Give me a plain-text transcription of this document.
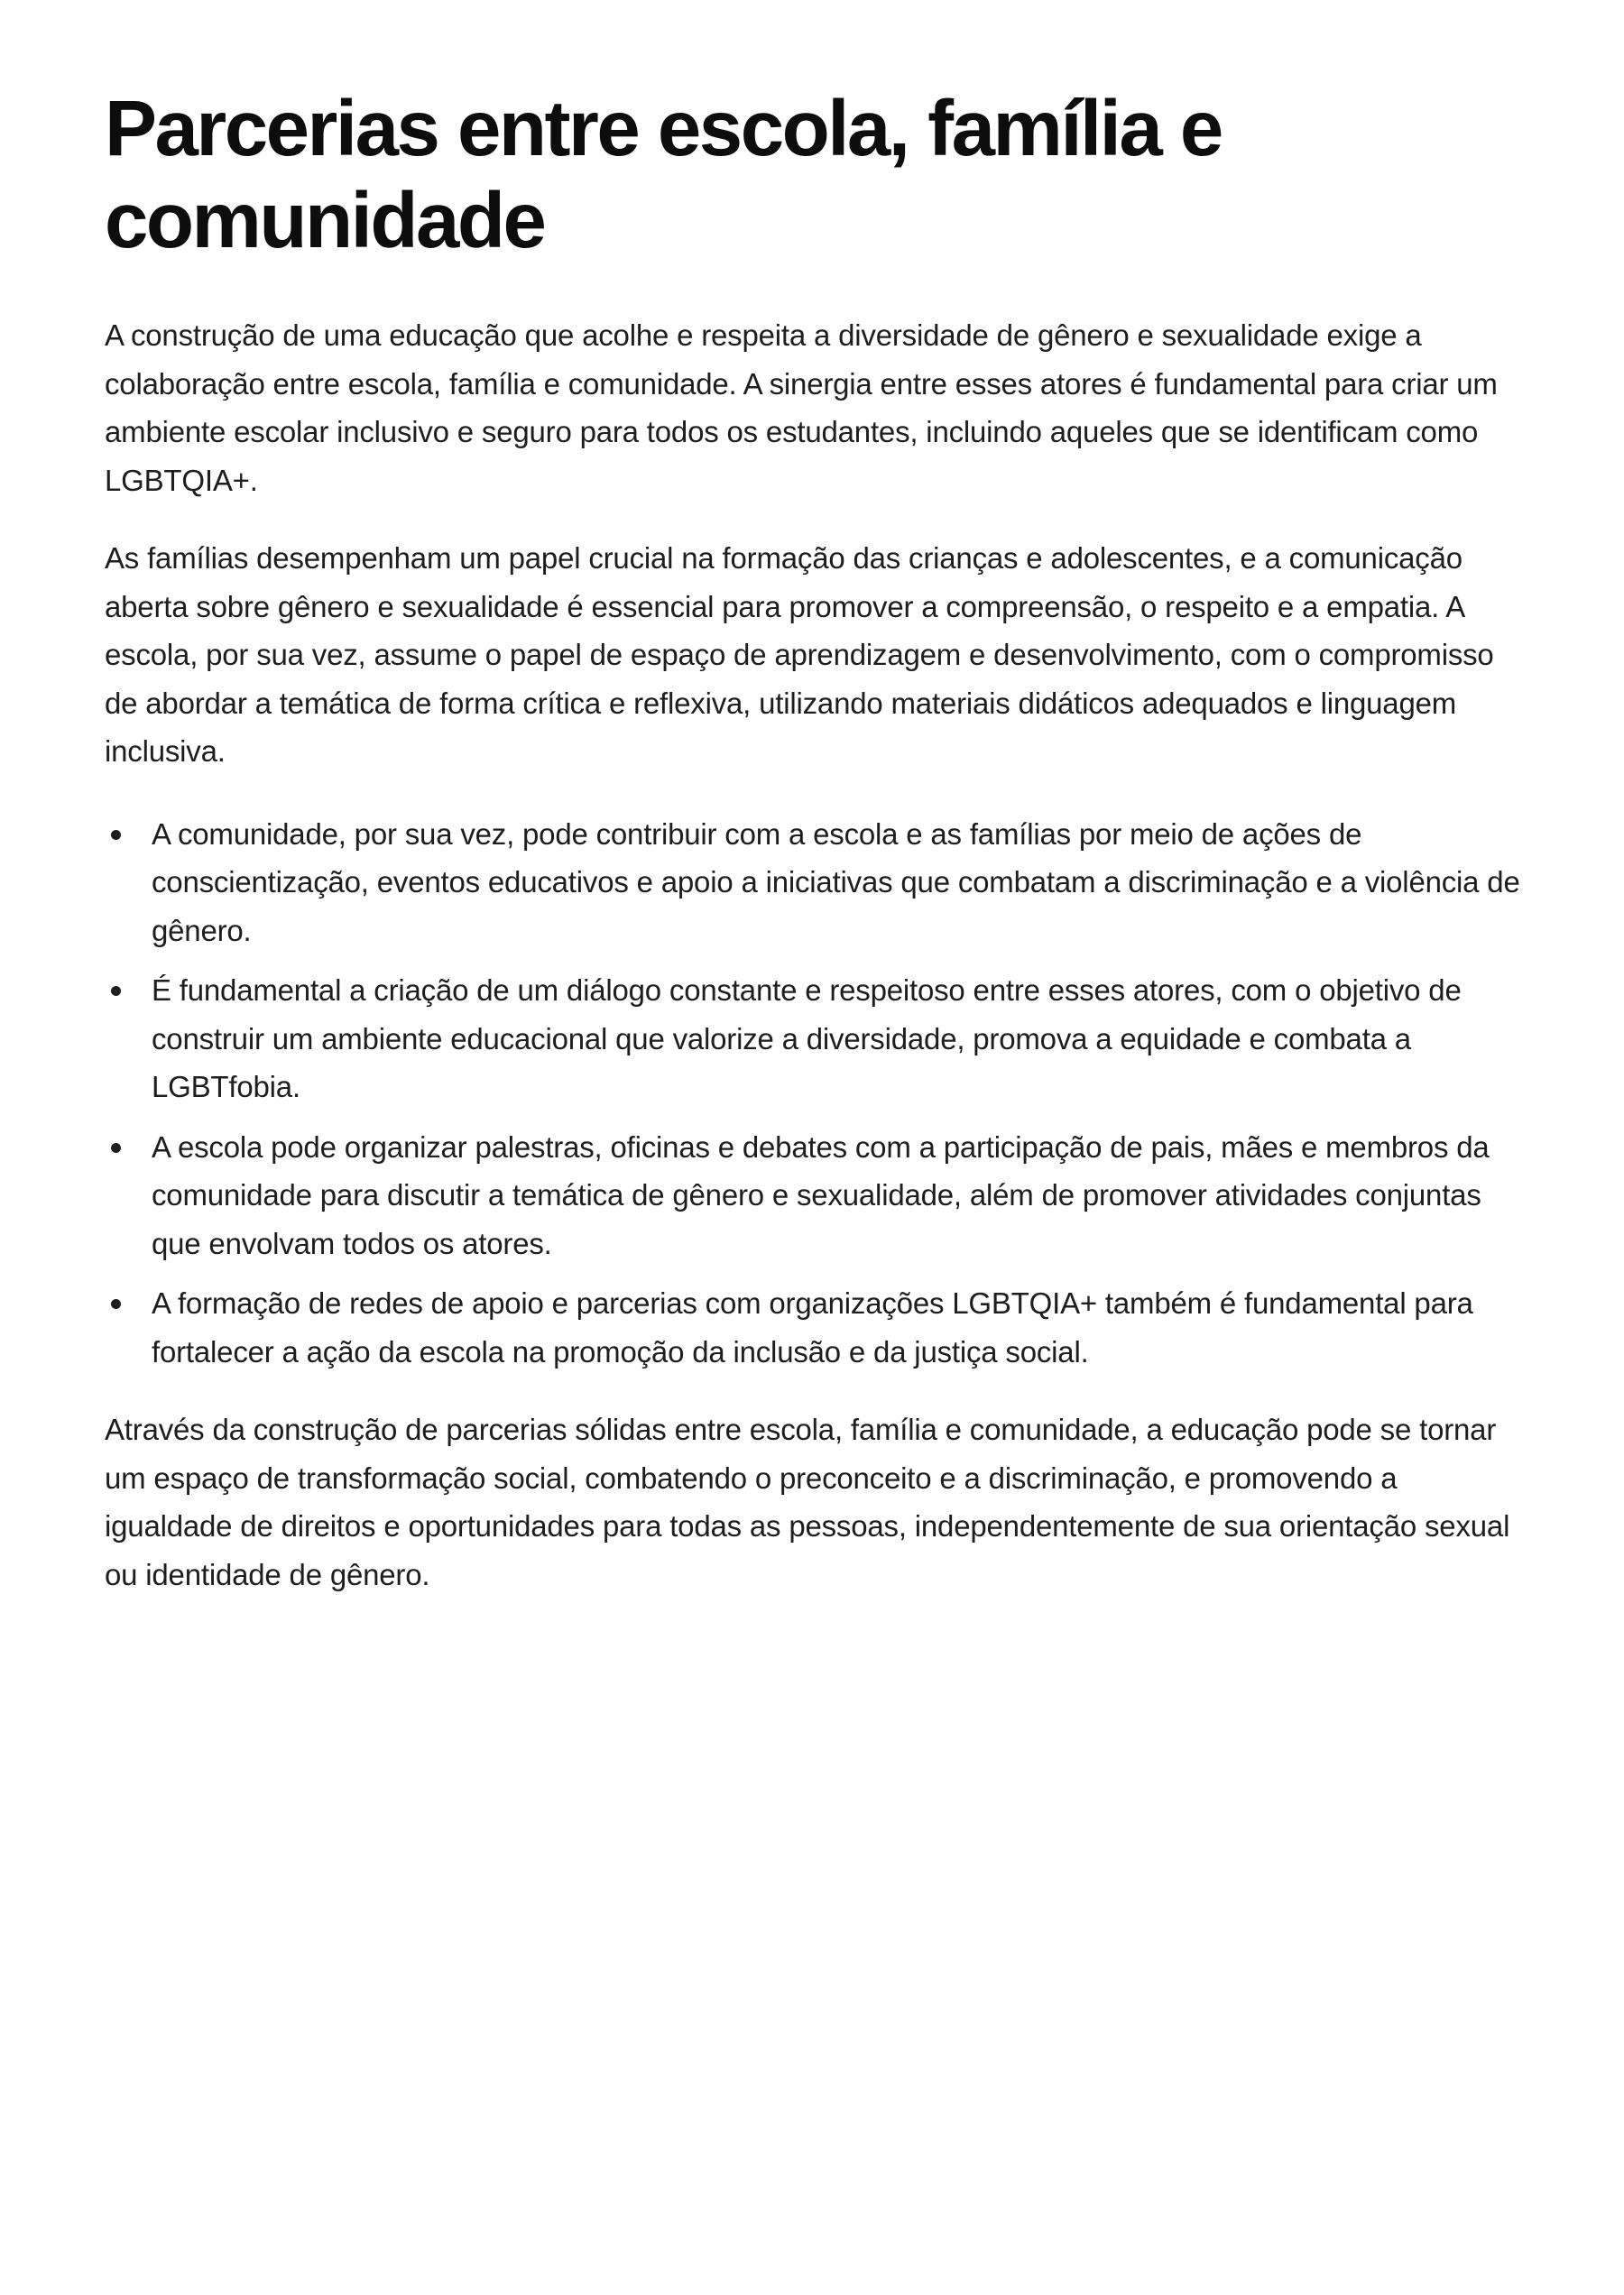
Parcerias entre escola, família e comunidade

A construção de uma educação que acolhe e respeita a diversidade de gênero e sexualidade exige a colaboração entre escola, família e comunidade. A sinergia entre esses atores é fundamental para criar um ambiente escolar inclusivo e seguro para todos os estudantes, incluindo aqueles que se identificam como LGBTQIA+.

As famílias desempenham um papel crucial na formação das crianças e adolescentes, e a comunicação aberta sobre gênero e sexualidade é essencial para promover a compreensão, o respeito e a empatia. A escola, por sua vez, assume o papel de espaço de aprendizagem e desenvolvimento, com o compromisso de abordar a temática de forma crítica e reflexiva, utilizando materiais didáticos adequados e linguagem inclusiva.

A comunidade, por sua vez, pode contribuir com a escola e as famílias por meio de ações de conscientização, eventos educativos e apoio a iniciativas que combatam a discriminação e a violência de gênero.
É fundamental a criação de um diálogo constante e respeitoso entre esses atores, com o objetivo de construir um ambiente educacional que valorize a diversidade, promova a equidade e combata a LGBTfobia.
A escola pode organizar palestras, oficinas e debates com a participação de pais, mães e membros da comunidade para discutir a temática de gênero e sexualidade, além de promover atividades conjuntas que envolvam todos os atores.
A formação de redes de apoio e parcerias com organizações LGBTQIA+ também é fundamental para fortalecer a ação da escola na promoção da inclusão e da justiça social.

Através da construção de parcerias sólidas entre escola, família e comunidade, a educação pode se tornar um espaço de transformação social, combatendo o preconceito e a discriminação, e promovendo a igualdade de direitos e oportunidades para todas as pessoas, independentemente de sua orientação sexual ou identidade de gênero.
